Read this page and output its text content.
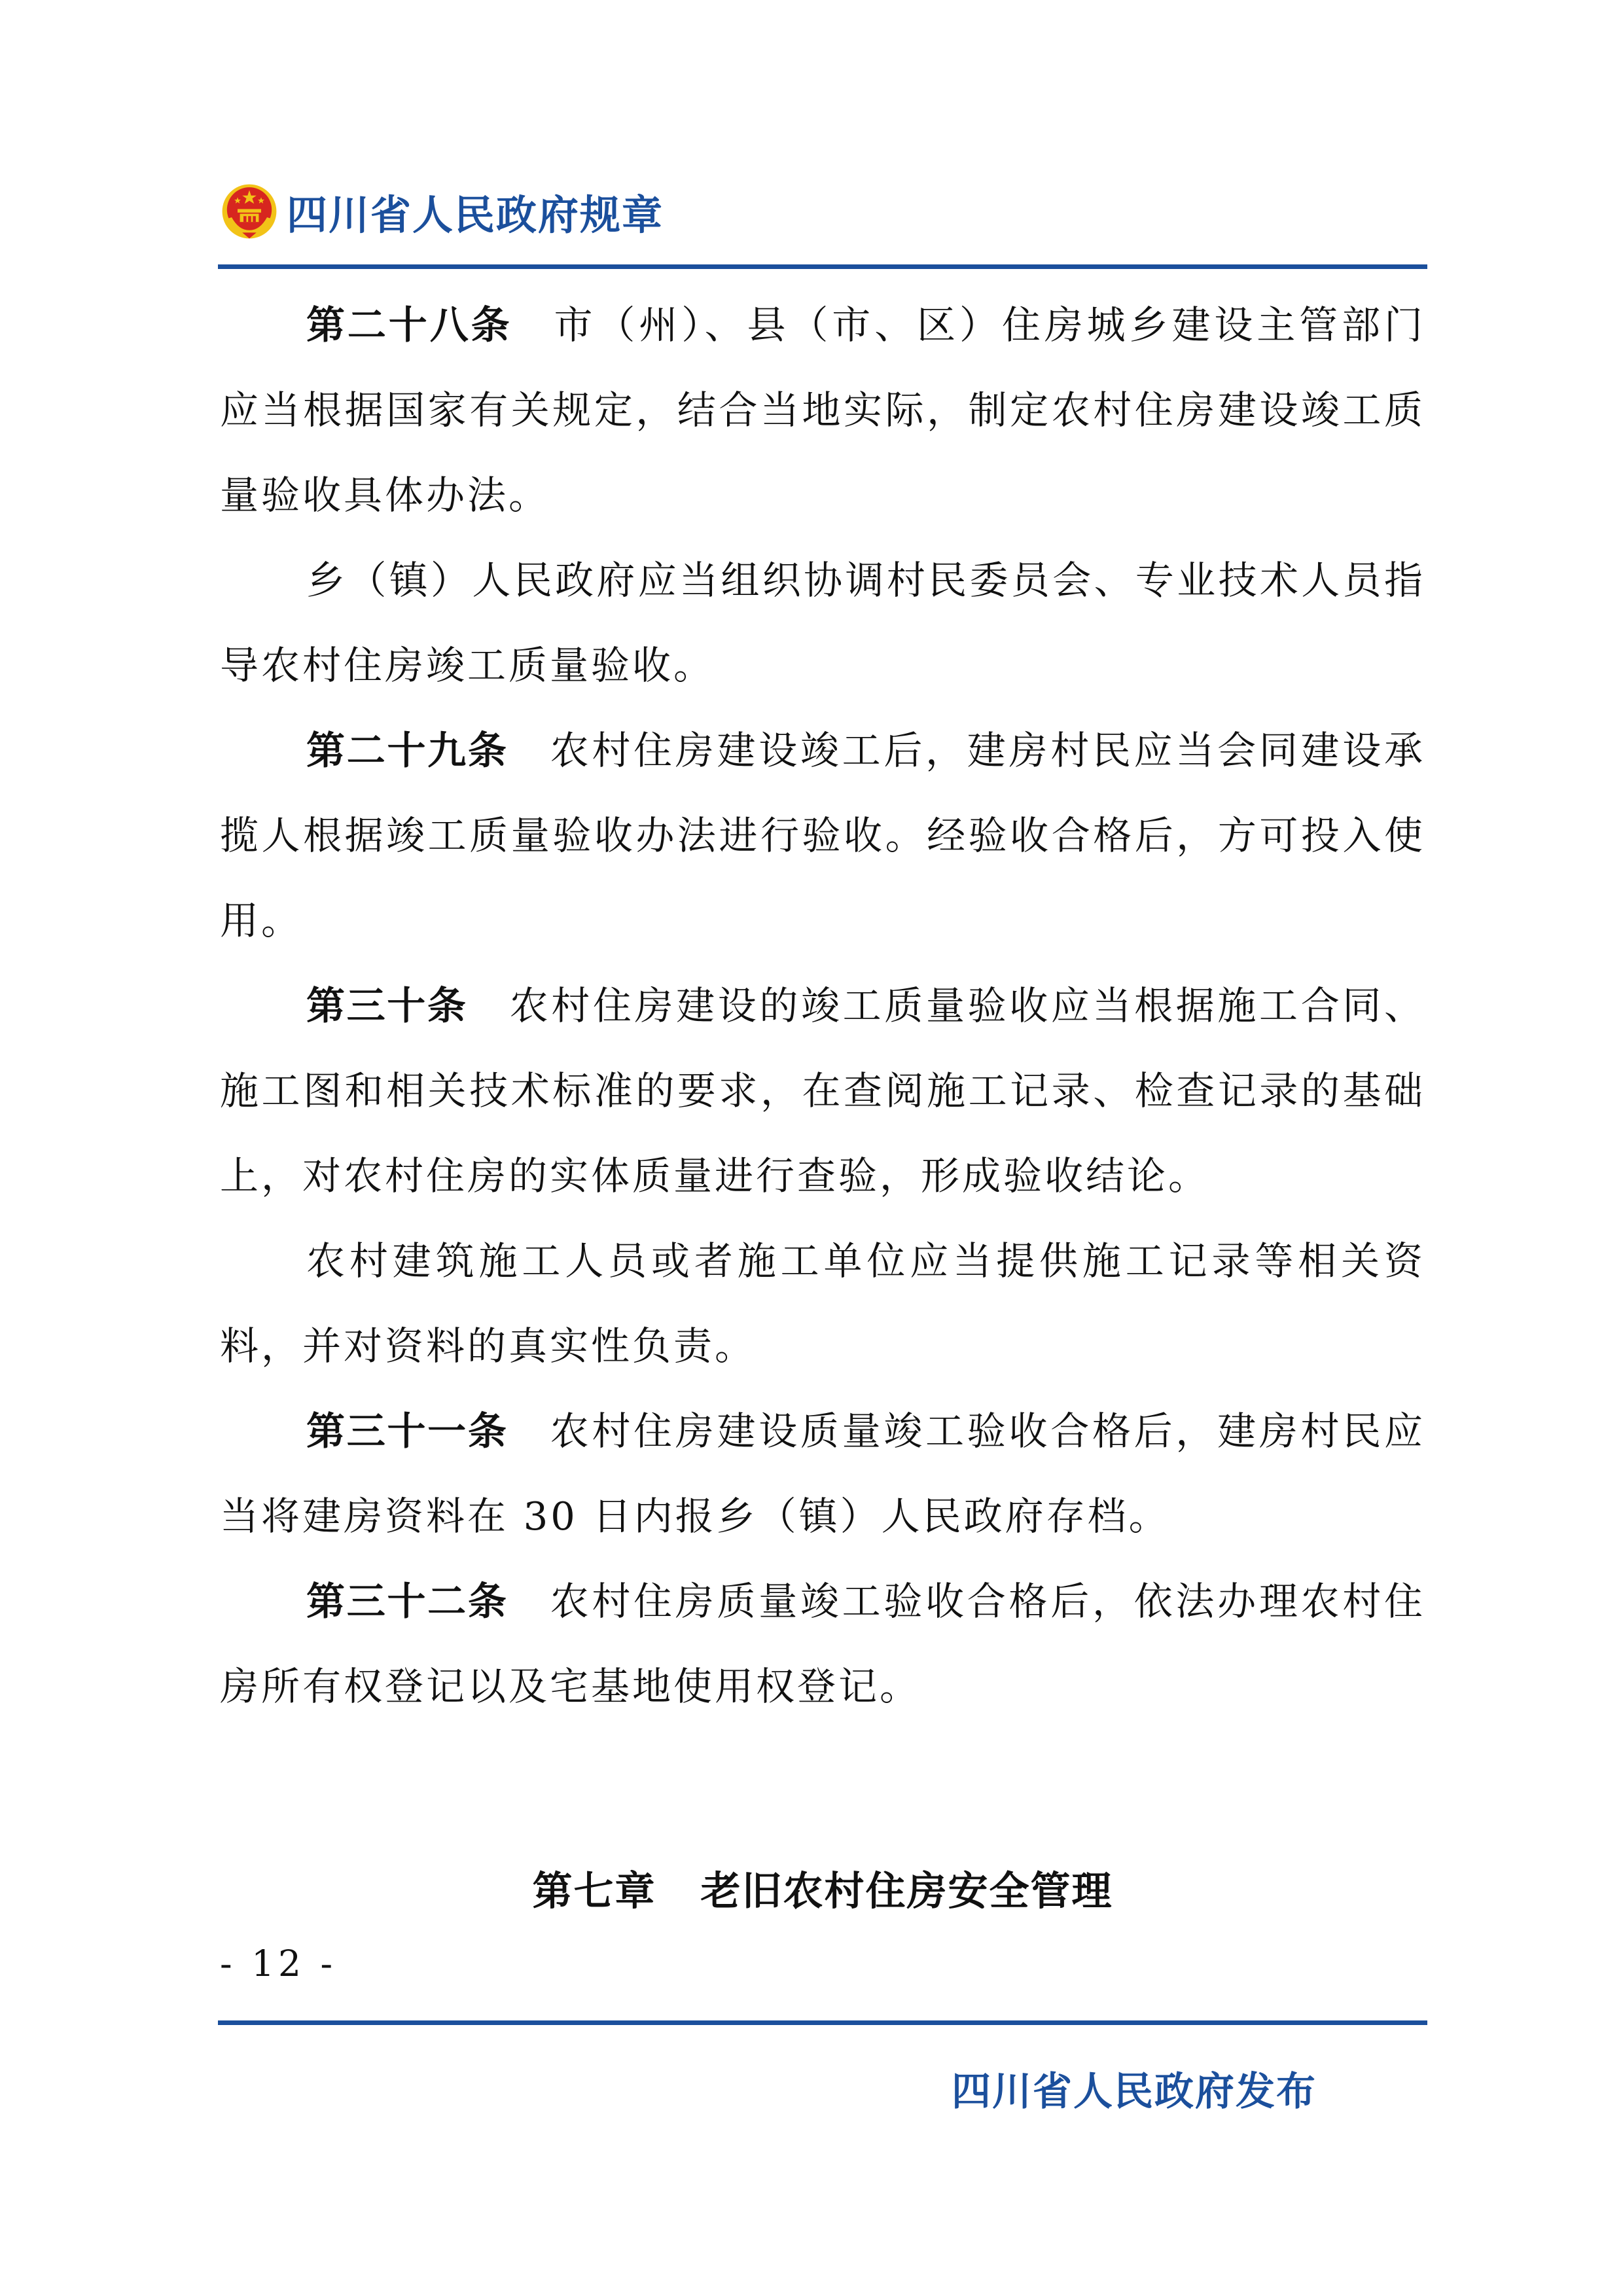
四川省人民政府规章

第二十八条 市（州）、县（市、区）住房城乡建设主管部门应当根据国家有关规定，结合当地实际，制定农村住房建设竣工质量验收具体办法。

乡（镇）人民政府应当组织协调村民委员会、专业技术人员指导农村住房竣工质量验收。

第二十九条 农村住房建设竣工后，建房村民应当会同建设承揽人根据竣工质量验收办法进行验收。经验收合格后，方可投入使用。

第三十条 农村住房建设的竣工质量验收应当根据施工合同、施工图和相关技术标准的要求，在查阅施工记录、检查记录的基础上，对农村住房的实体质量进行查验，形成验收结论。

农村建筑施工人员或者施工单位应当提供施工记录等相关资料，并对资料的真实性负责。

第三十一条 农村住房建设质量竣工验收合格后，建房村民应当将建房资料在 30 日内报乡（镇）人民政府存档。

第三十二条 农村住房质量竣工验收合格后，依法办理农村住房所有权登记以及宅基地使用权登记。

第七章 老旧农村住房安全管理

- 12 -
四川省人民政府发布
